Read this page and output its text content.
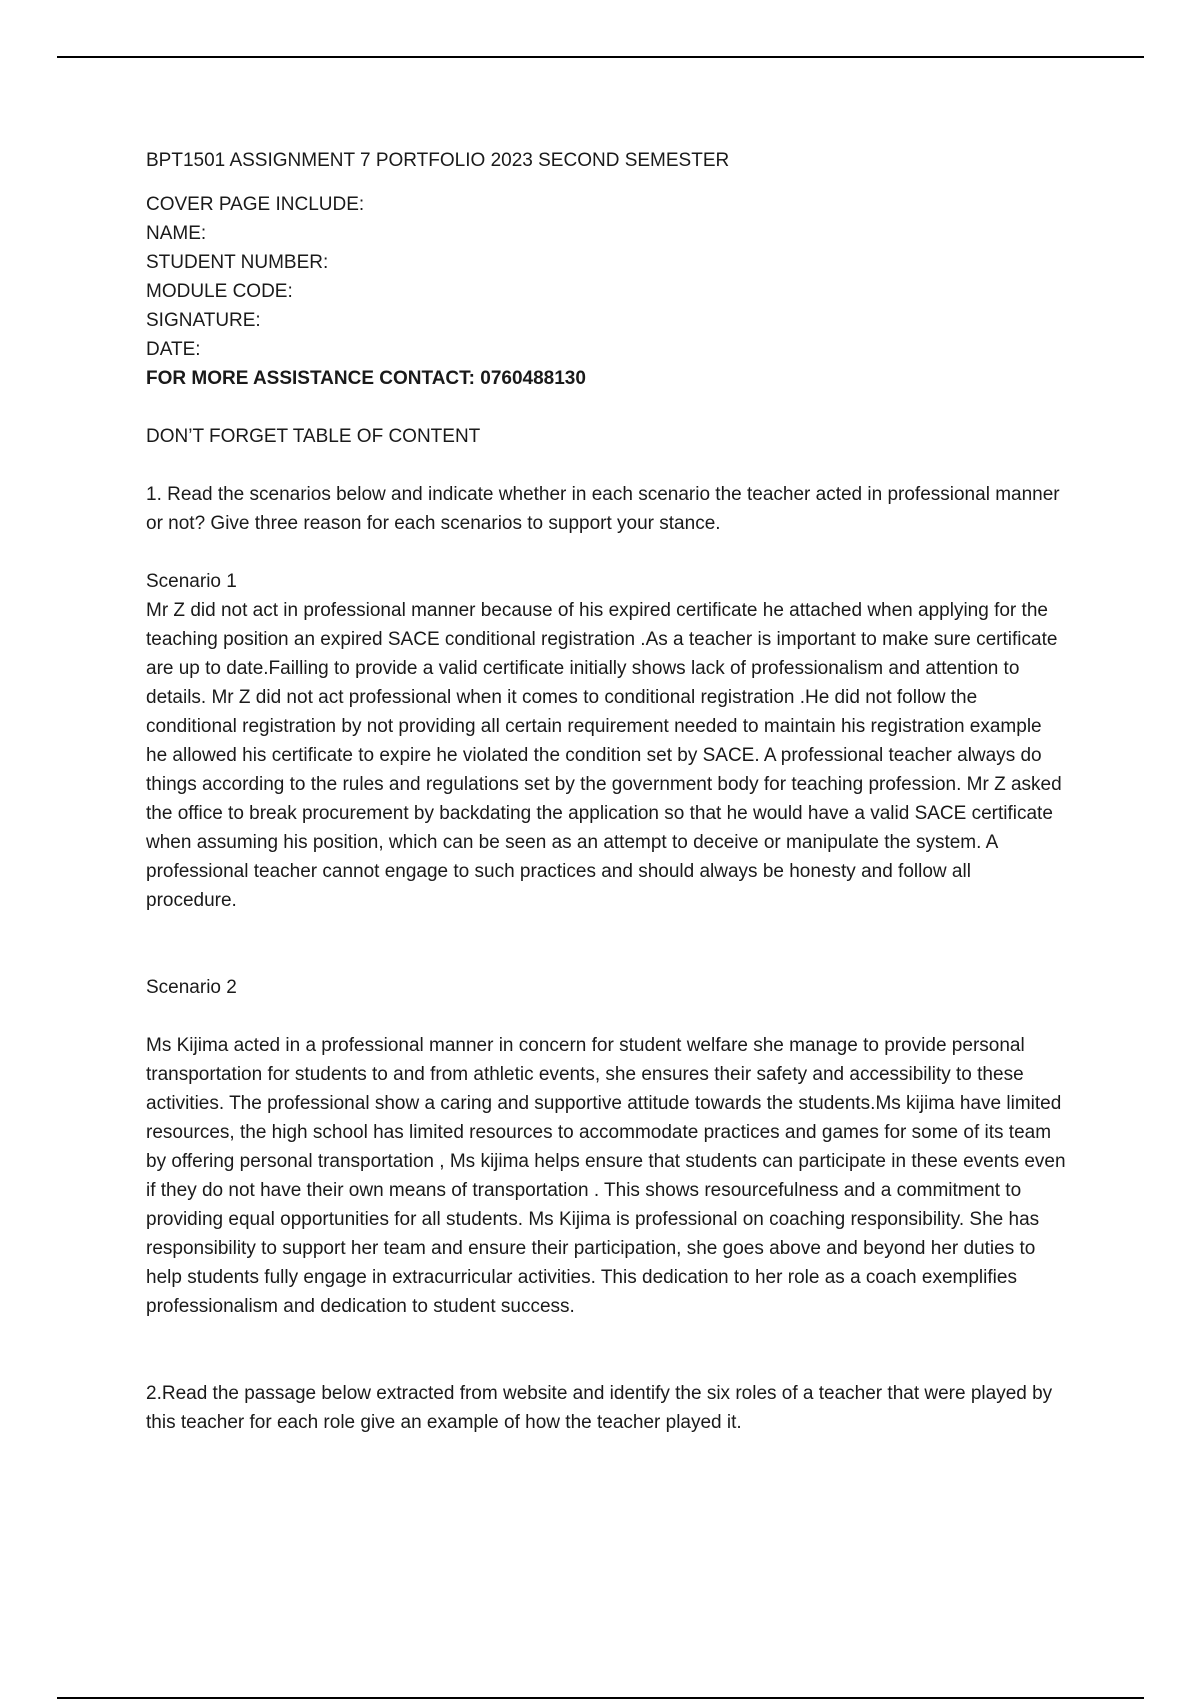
BPT1501 ASSIGNMENT 7 PORTFOLIO 2023 SECOND SEMESTER

COVER PAGE INCLUDE:

NAME:

STUDENT NUMBER:

MODULE CODE:

SIGNATURE:

DATE:

FOR MORE ASSISTANCE CONTACT: 0760488130

DON’T FORGET TABLE OF CONTENT

1. Read the scenarios below and indicate whether in each scenario the teacher acted in professional manner or not? Give three reason for each scenarios to support your stance.

Scenario 1

Mr Z did not act in professional manner because of his expired certificate he attached when applying for the teaching position an expired SACE conditional registration .As a teacher is important to make sure certificate are up to date.Failling to provide a valid certificate initially shows lack of professionalism and attention to details. Mr Z did not act professional when it comes to conditional registration .He did not follow the conditional registration by not providing all certain requirement needed to maintain his registration example he allowed his certificate to expire he violated the condition set by SACE. A professional teacher always do things according to the rules and regulations set by the government body for teaching profession. Mr Z asked the office to break procurement by backdating the application so that he would have a valid SACE certificate when assuming his position, which can be seen as an attempt to deceive or manipulate the system. A professional teacher cannot engage to such practices and should always be honesty and follow all procedure.

Scenario 2

Ms Kijima acted in a professional manner in concern for student welfare she manage to provide personal transportation for students to and from athletic events, she ensures their safety and accessibility to these activities. The professional show a caring and supportive attitude towards the students.Ms kijima have limited resources, the high school has limited resources to accommodate practices and games for some of its team by offering personal transportation , Ms kijima helps ensure that students can participate in these events even if they do not have their own means of transportation . This shows resourcefulness and a commitment to providing equal opportunities for all students. Ms Kijima is professional on coaching responsibility. She has responsibility to support her team and ensure their participation, she goes above and beyond her duties to help students fully engage in extracurricular activities. This dedication to her role as a coach exemplifies professionalism and dedication to student success.

2.Read the passage below extracted from website and identify the six roles of a teacher that were played by this teacher for each role give an example of how the teacher played it.
